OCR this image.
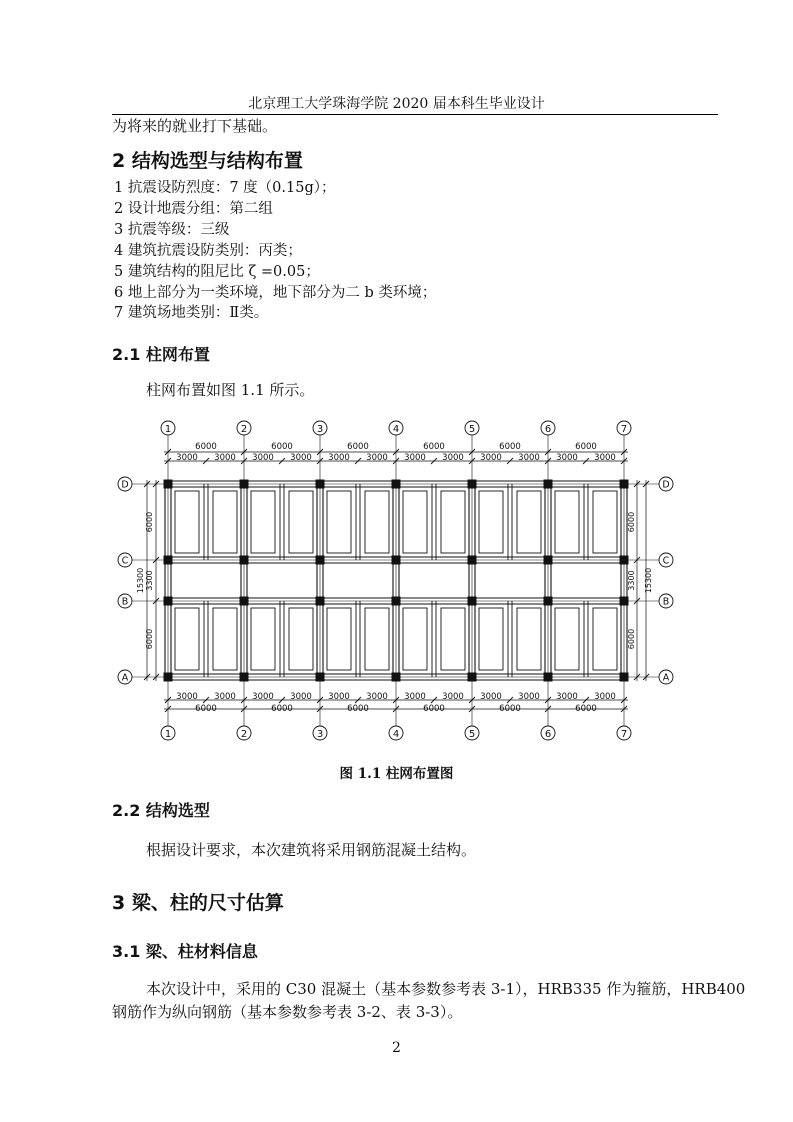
北京理工大学珠海学院 2020 届本科生毕业设计
为将来的就业打下基础。
2 结构选型与结构布置
1 抗震设防烈度：7 度（0.15g）；
2 设计地震分组：第二组
3 抗震等级：三级
4 建筑抗震设防类别：丙类；
5 建筑结构的阻尼比 ζ =0.05；
6 地上部分为一类环境，地下部分为二 b 类环境；
7 建筑场地类别：Ⅱ类。
2.1 柱网布置
柱网布置如图 1.1 所示。
1
1
2
2
3
3
4
4
5
5
6
6
7
7
D	D
C	C
B	B
A	A
6000
3000 3000
6000
3000 3000
6000
3000 3000
6000
3000 3000
6000
3000 3000
6000
3000 3000
3000 3000
6000
3000 3000
6000
3000 3000
6000
3000 3000
6000
3000 3000
6000
3000 3000
6000
6000
3300
6000
15300
6000
3300
6000
15300
图 1.1 柱网布置图
2.2 结构选型
根据设计要求，本次建筑将采用钢筋混凝土结构。
3 梁、柱的尺寸估算
3.1 梁、柱材料信息
本次设计中，采用的 C30 混凝土（基本参数参考表 3-1），HRB335 作为箍筋，HRB400
钢筋作为纵向钢筋（基本参数参考表 3-2、表 3-3）。
2
